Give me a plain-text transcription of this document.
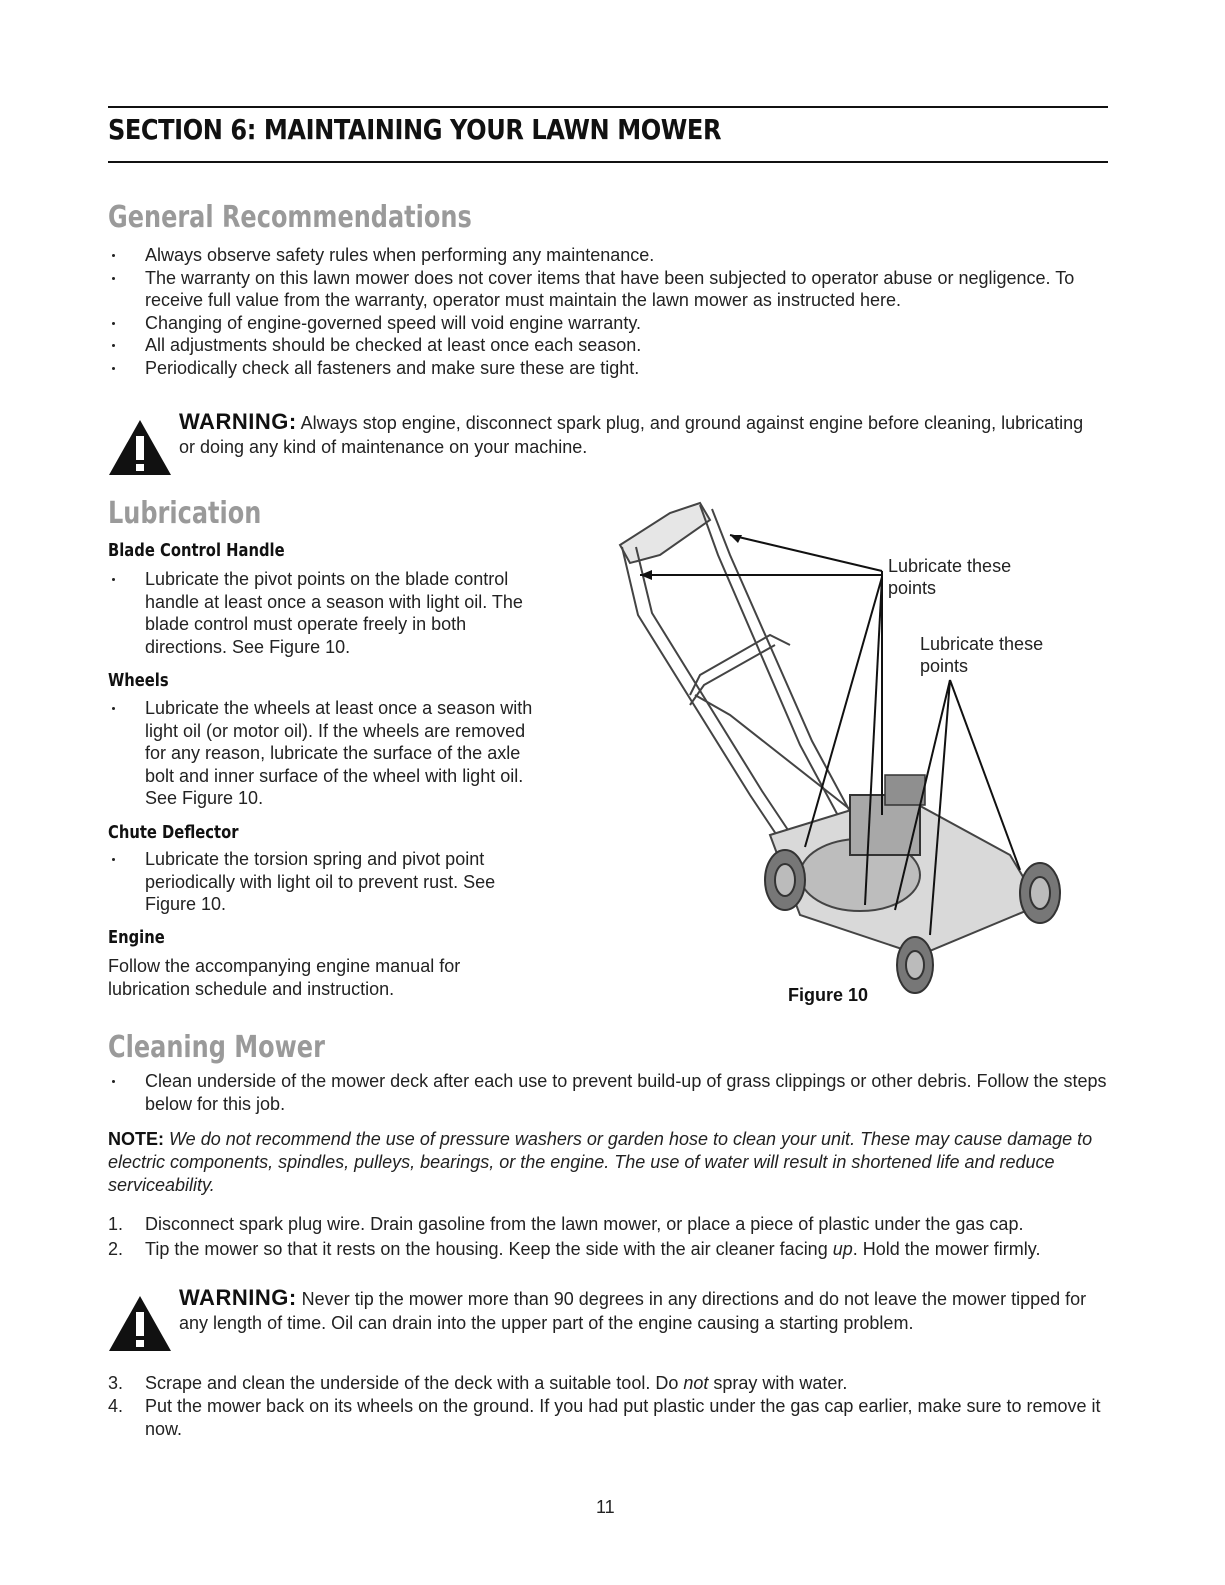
SECTION 6: MAINTAINING YOUR LAWN MOWER
General Recommendations
Always observe safety rules when performing any maintenance.
The warranty on this lawn mower does not cover items that have been subjected to operator abuse or negligence. To receive full value from the warranty, operator must maintain the lawn mower as instructed here.
Changing of engine-governed speed will void engine warranty.
All adjustments should be checked at least once each season.
Periodically check all fasteners and make sure these are tight.
WARNING: Always stop engine, disconnect spark plug, and ground against engine before cleaning, lubricating or doing any kind of maintenance on your machine.
Lubrication
Blade Control Handle
Lubricate the pivot points on the blade control handle at least once a season with light oil. The blade control must operate freely in both directions. See Figure 10.
Wheels
Lubricate the wheels at least once a season with light oil (or motor oil). If the wheels are removed for any reason, lubricate the surface of the axle bolt and inner surface of the wheel with light oil. See Figure 10.
Chute Deflector
Lubricate the torsion spring and pivot point periodically with light oil to prevent rust. See Figure 10.
Engine
Follow the accompanying engine manual for lubrication schedule and instruction.
Lubricate these points
Lubricate these points
Figure 10
Cleaning Mower
Clean underside of the mower deck after each use to prevent build-up of grass clippings or other debris. Follow the steps below for this job.
NOTE: We do not recommend the use of pressure washers or garden hose to clean your unit. These may cause damage to electric components, spindles, pulleys, bearings, or the engine. The use of water will result in shortened life and reduce serviceability.
1. Disconnect spark plug wire. Drain gasoline from the lawn mower, or place a piece of plastic under the gas cap.
2. Tip the mower so that it rests on the housing. Keep the side with the air cleaner facing up. Hold the mower firmly.
WARNING: Never tip the mower more than 90 degrees in any directions and do not leave the mower tipped for any length of time. Oil can drain into the upper part of the engine causing a starting problem.
3. Scrape and clean the underside of the deck with a suitable tool. Do not spray with water.
4. Put the mower back on its wheels on the ground. If you had put plastic under the gas cap earlier, make sure to remove it now.
11
